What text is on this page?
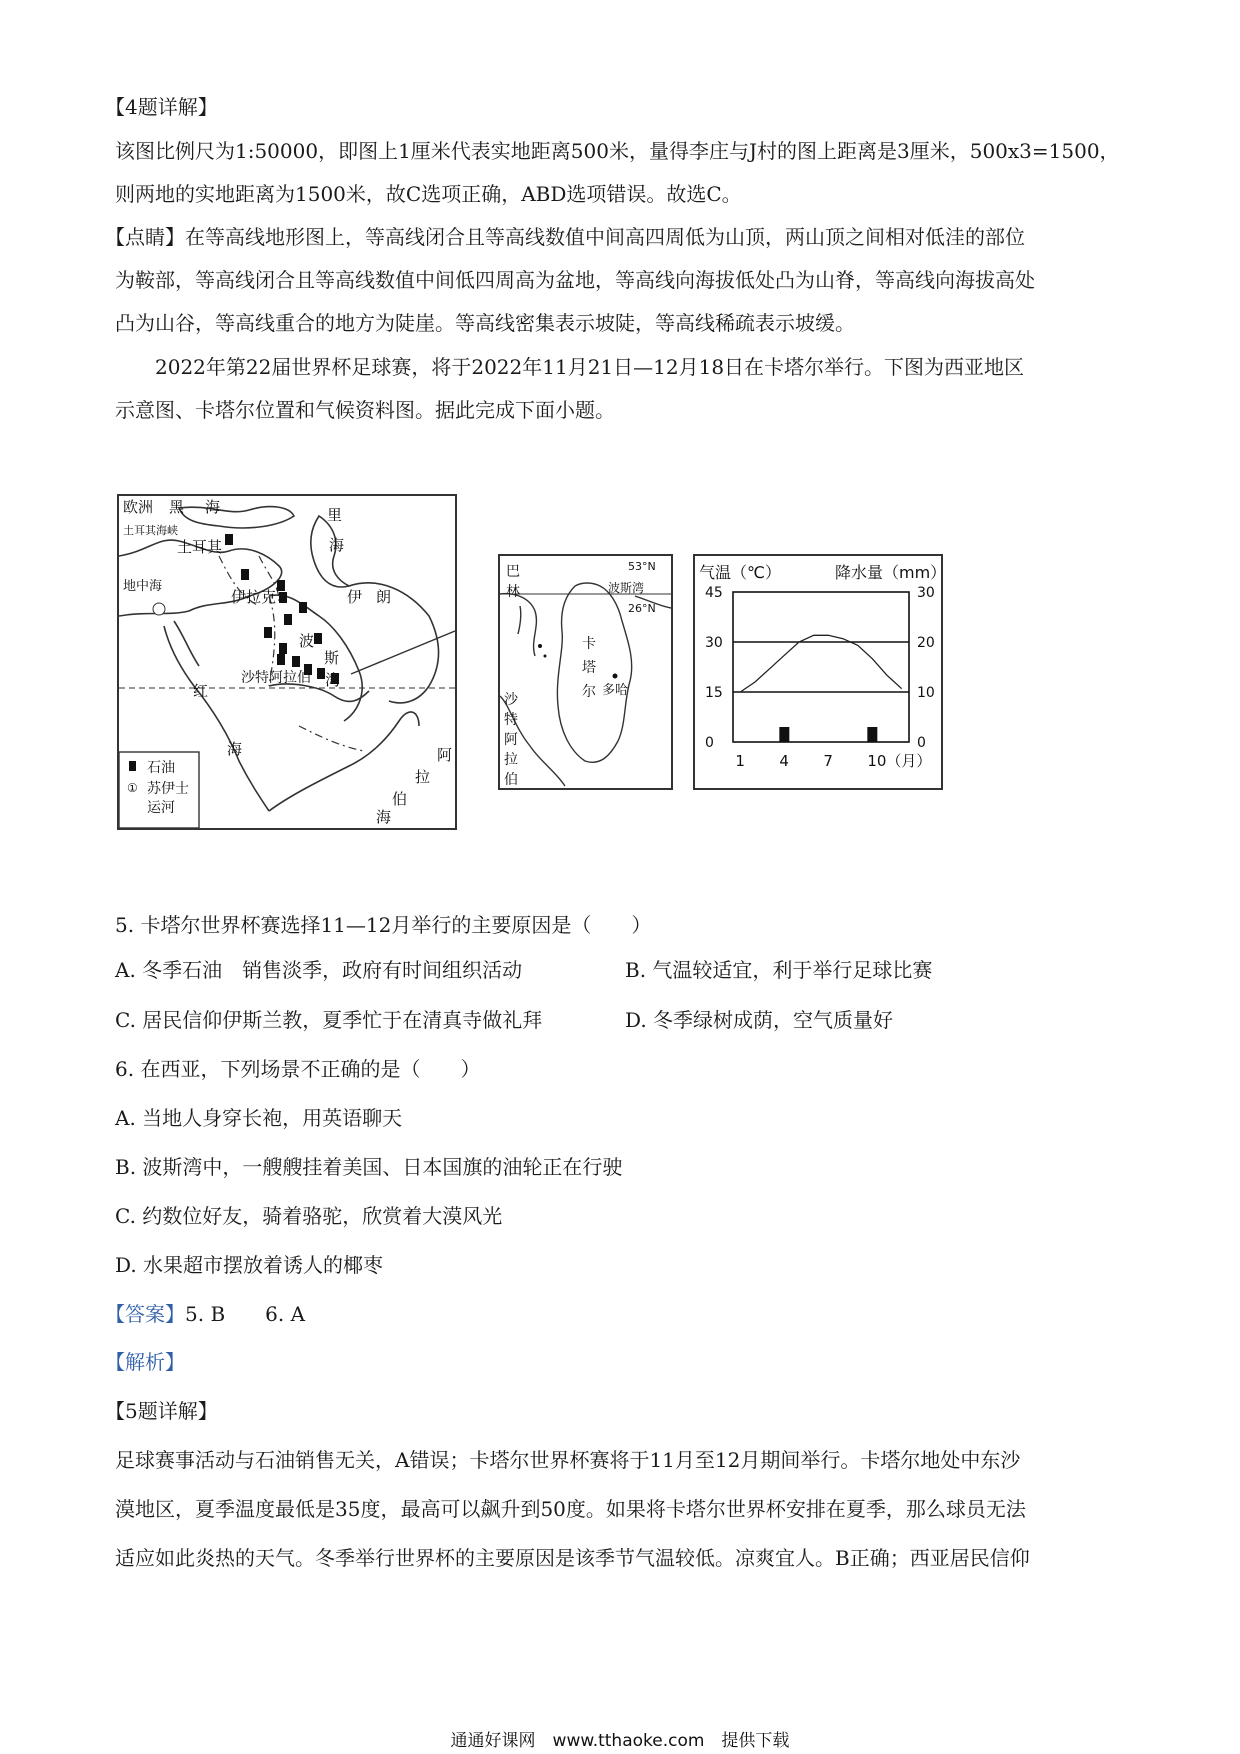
【4题详解】
该图比例尺为1:50000，即图上1厘米代表实地距离500米，量得李庄与J村的图上距离是3厘米，500x3=1500，
则两地的实地距离为1500米，故C选项正确，ABD选项错误。故选C。
【点睛】在等高线地形图上，等高线闭合且等高线数值中间高四周低为山顶，两山顶之间相对低洼的部位
为鞍部，等高线闭合且等高线数值中间低四周高为盆地，等高线向海拔低处凸为山脊，等高线向海拔高处
凸为山谷，等高线重合的地方为陡崖。等高线密集表示坡陡，等高线稀疏表示坡缓。
2022年第22届世界杯足球赛，将于2022年11月21日—12月18日在卡塔尔举行。下图为西亚地区
示意图、卡塔尔位置和气候资料图。据此完成下面小题。
欧洲 黑 海	里
海
土耳其海峡
土耳其
地中海
伊拉克	伊 朗
波
斯
湾
沙特阿拉伯
红
海	阿
拉
伯
海
石油
① 苏伊士
运河
巴
林
53°N
26°N
波斯湾
卡
塔
尔 多哈
沙
特
阿
拉
伯
气温（℃）	降水量（mm）
45
30
15
0
30
20
10
0
1 4 7 10（月）
5. 卡塔尔世界杯赛选择11—12月举行的主要原因是（　　）
A. 冬季石油　销售淡季，政府有时间组织活动	B. 气温较适宜，利于举行足球比赛
C. 居民信仰伊斯兰教，夏季忙于在清真寺做礼拜	D. 冬季绿树成荫，空气质量好
6. 在西亚，下列场景不正确的是（　　）
A. 当地人身穿长袍，用英语聊天
B. 波斯湾中，一艘艘挂着美国、日本国旗的油轮正在行驶
C. 约数位好友，骑着骆驼，欣赏着大漠风光
D. 水果超市摆放着诱人的椰枣
【答案】5. B　　6. A
【解析】
【5题详解】
足球赛事活动与石油销售无关，A错误；卡塔尔世界杯赛将于11月至12月期间举行。卡塔尔地处中东沙
漠地区，夏季温度最低是35度，最高可以飙升到50度。如果将卡塔尔世界杯安排在夏季，那么球员无法
适应如此炎热的天气。冬季举行世界杯的主要原因是该季节气温较低。凉爽宜人。B正确；西亚居民信仰
通通好课网　www.tthaoke.com　提供下载
